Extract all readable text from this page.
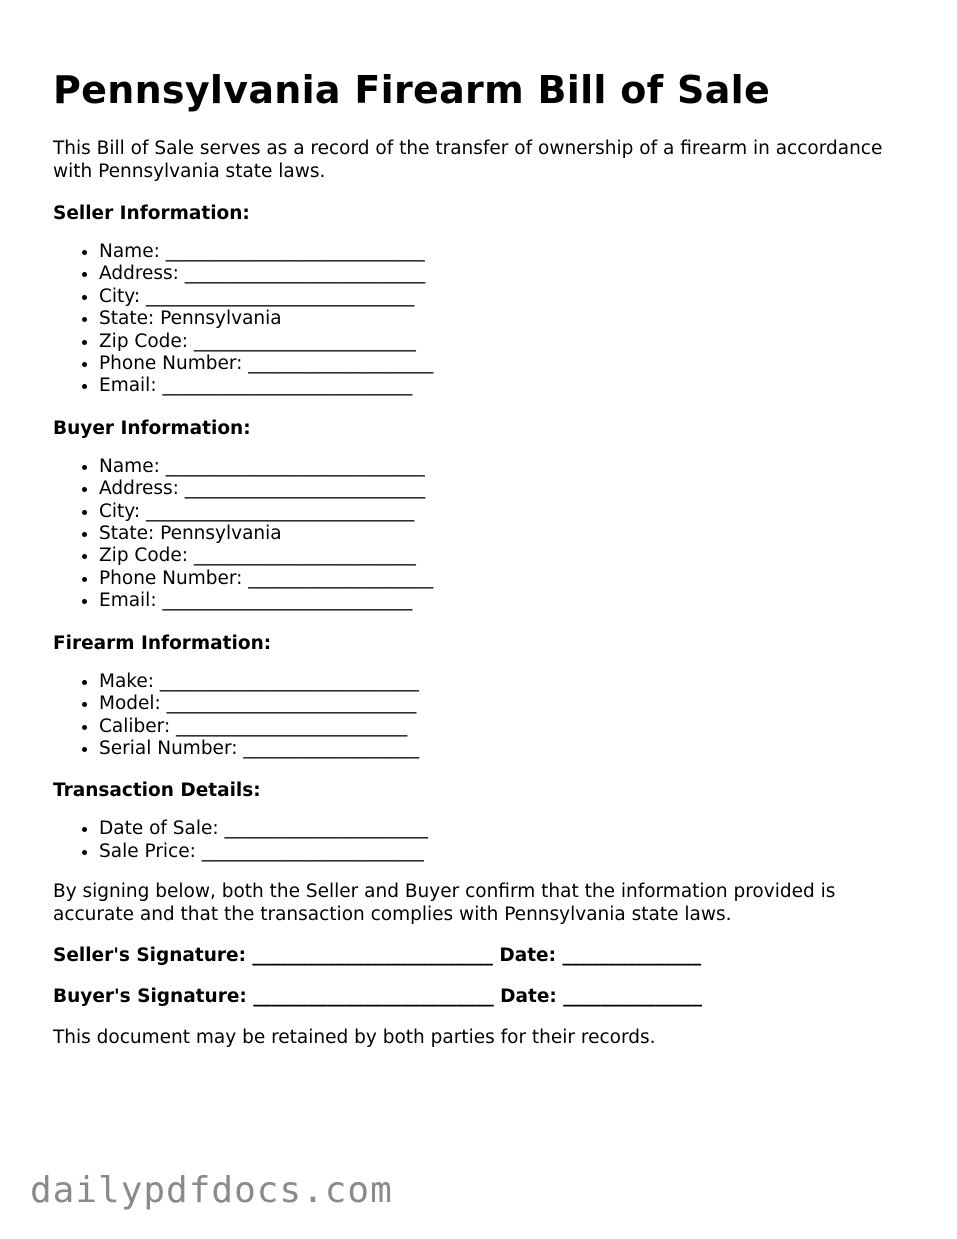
Pennsylvania Firearm Bill of Sale

This Bill of Sale serves as a record of the transfer of ownership of a firearm in accordance with Pennsylvania state laws.

Seller Information:

• Name: ____________________________
• Address: __________________________
• City: _____________________________
• State: Pennsylvania
• Zip Code: ________________________
• Phone Number: ____________________
• Email: ___________________________

Buyer Information:

• Name: ____________________________
• Address: __________________________
• City: _____________________________
• State: Pennsylvania
• Zip Code: ________________________
• Phone Number: ____________________
• Email: ___________________________

Firearm Information:

• Make: ____________________________
• Model: ___________________________
• Caliber: _________________________
• Serial Number: ___________________

Transaction Details:

• Date of Sale: ______________________
• Sale Price: ________________________

By signing below, both the Seller and Buyer confirm that the information provided is accurate and that the transaction complies with Pennsylvania state laws.

Seller's Signature: __________________________ Date: _______________

Buyer's Signature: __________________________ Date: _______________

This document may be retained by both parties for their records.

dailypdfdocs.com
